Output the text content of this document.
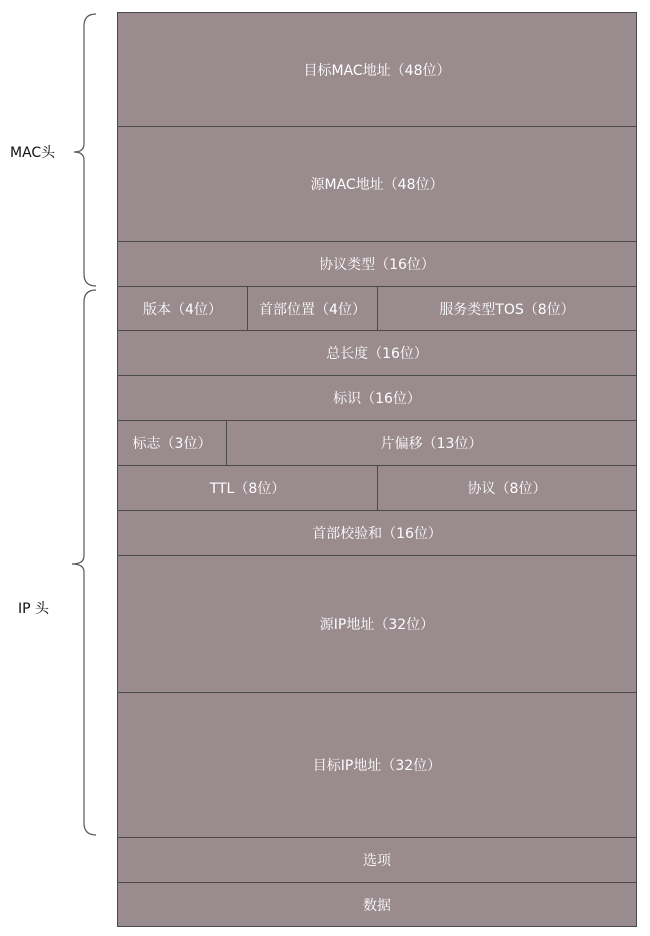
MAC头
IP 头
目标MAC地址（48位）
源MAC地址（48位）
协议类型（16位）
版本（4位）	首部位置（4位）	服务类型TOS（8位）
总长度（16位）
标识（16位）
标志（3位）	片偏移（13位）
TTL（8位）	协议（8位）
首部校验和（16位）
源IP地址（32位）
目标IP地址（32位）
选项
数据
